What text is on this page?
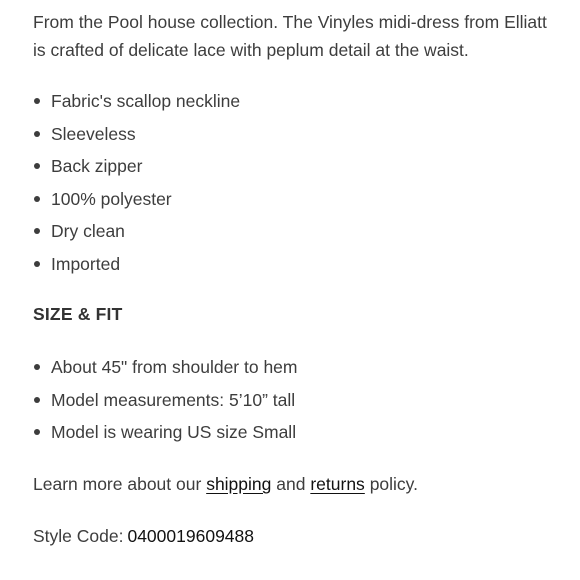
From the Pool house collection. The Vinyles midi-dress from Elliatt is crafted of delicate lace with peplum detail at the waist.

Fabric's scallop neckline
Sleeveless
Back zipper
100% polyester
Dry clean
Imported
SIZE & FIT
About 45" from shoulder to hem
Model measurements: 5’10” tall
Model is wearing US size Small

Learn more about our shipping and returns policy.

Style Code: 0400019609488
